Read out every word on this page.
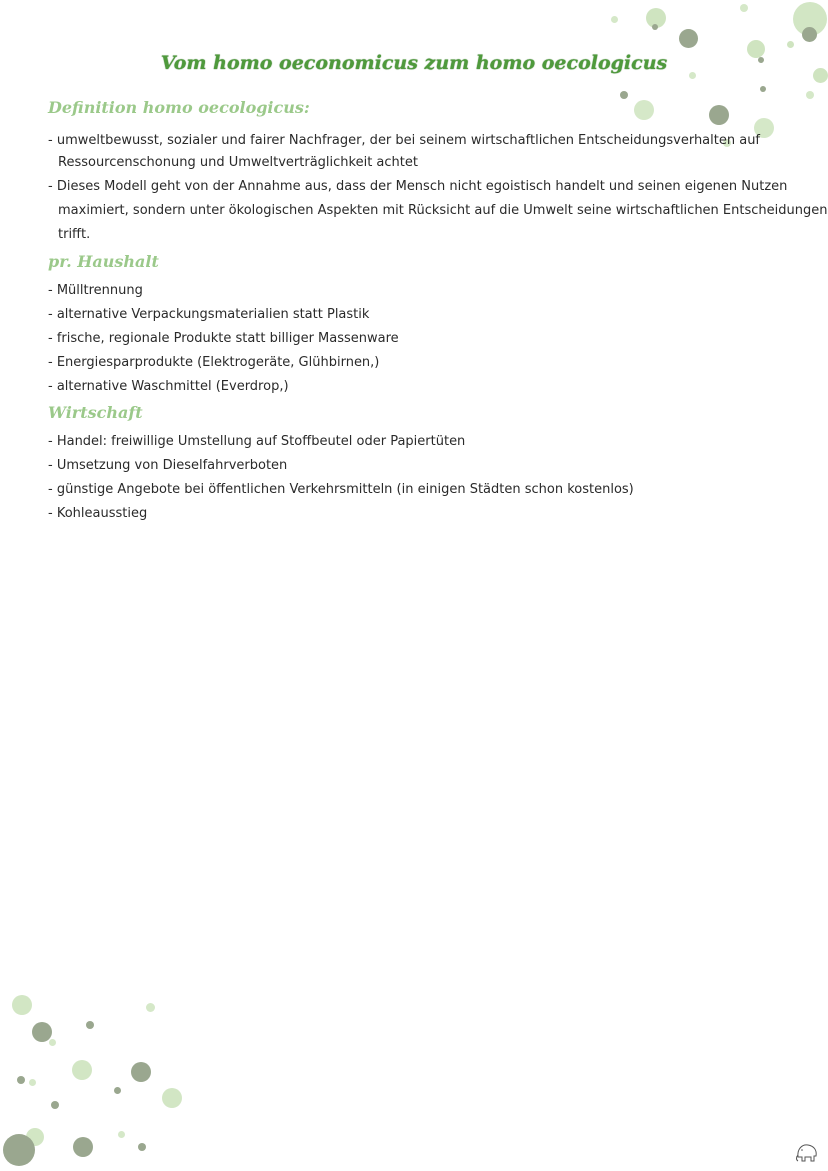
Vom homo oeconomicus zum homo oecologicus
Definition homo oecologicus:
- umweltbewusst, sozialer und fairer Nachfrager, der bei seinem wirtschaftlichen Entscheidungsverhalten auf
Ressourcenschonung und Umweltverträglichkeit achtet
- Dieses Modell geht von der Annahme aus, dass der Mensch nicht egoistisch handelt und seinen eigenen Nutzen
maximiert, sondern unter ökologischen Aspekten mit Rücksicht auf die Umwelt seine wirtschaftlichen Entscheidungen
trifft.
pr. Haushalt
- Mülltrennung
- alternative Verpackungsmaterialien statt Plastik
- frische, regionale Produkte statt billiger Massenware
- Energiesparprodukte (Elektrogeräte, Glühbirnen,)
- alternative Waschmittel (Everdrop,)
Wirtschaft
- Handel: freiwillige Umstellung auf Stoffbeutel oder Papiertüten
- Umsetzung von Dieselfahrverboten
- günstige Angebote bei öffentlichen Verkehrsmitteln (in einigen Städten schon kostenlos)
- Kohleausstieg
